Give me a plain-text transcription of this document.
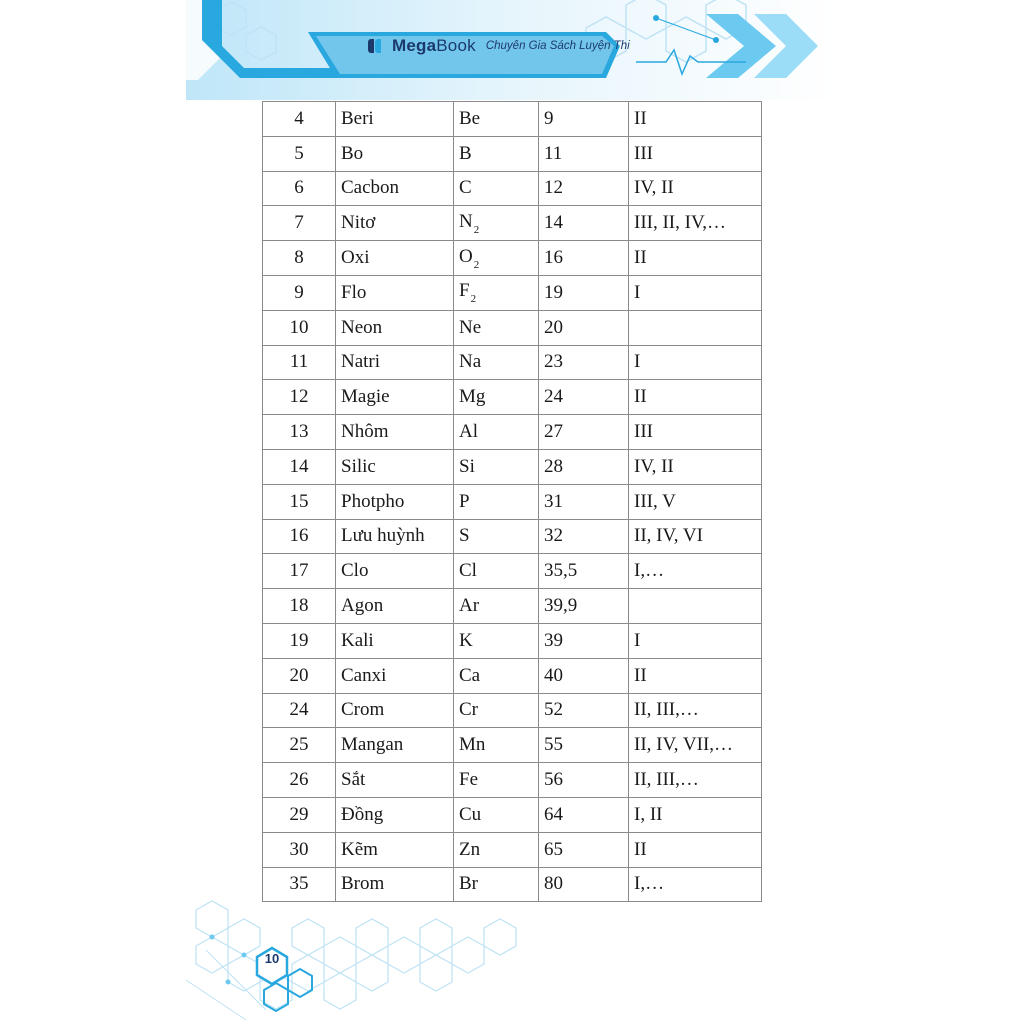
MegaBook Chuyên Gia Sách Luyện Thi
4	Beri	Be	9	II
5	Bo	B	11	III
6	Cacbon	C	12	IV, II
7	Nitơ	$N_2$	14	III, II, IV,…
8	Oxi	$O_2$	16	II
9	Flo	$F_2$	19	I
10	Neon	Ne	20	
11	Natri	Na	23	I
12	Magie	Mg	24	II
13	Nhôm	Al	27	III
14	Silic	Si	28	IV, II
15	Photpho	P	31	III, V
16	Lưu huỳnh	S	32	II, IV, VI
17	Clo	Cl	35,5	I,…
18	Agon	Ar	39,9	
19	Kali	K	39	I
20	Canxi	Ca	40	II
24	Crom	Cr	52	II, III,…
25	Mangan	Mn	55	II, IV, VII,…
26	Sắt	Fe	56	II, III,…
29	Đồng	Cu	64	I, II
30	Kẽm	Zn	65	II
35	Brom	Br	80	I,…
10
